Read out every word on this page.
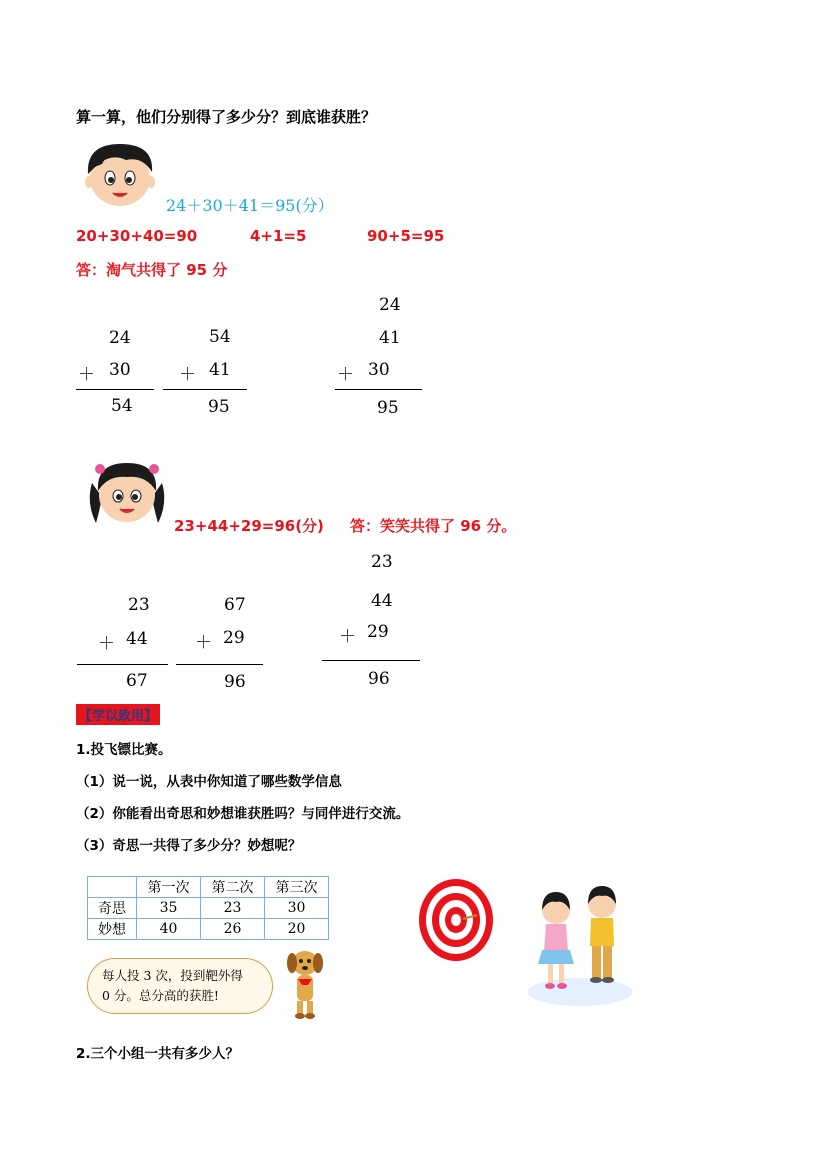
算一算，他们分别得了多少分？到底谁获胜？
24＋30＋41＝95(分）
20+30+40=90	4+1=5	90+5=95
答：淘气共得了 95 分
24
＋ 30
54
54
＋ 41
95
24
41
＋ 30
95
23+44+29=96(分) 答：笑笑共得了 96 分。
23
＋ 44
67
67
＋ 29
96
23
44
＋ 29
96
【学以致用】
1.投飞镖比赛。
（1）说一说，从表中你知道了哪些数学信息
（2）你能看出奇思和妙想谁获胜吗？与同伴进行交流。
（3）奇思一共得了多少分？妙想呢？
	第一次	第二次	第三次
奇思	35	23	30
妙想	40	26	20
每人投 3 次，投到靶外得
0 分。总分高的获胜!
2.三个小组一共有多少人？
